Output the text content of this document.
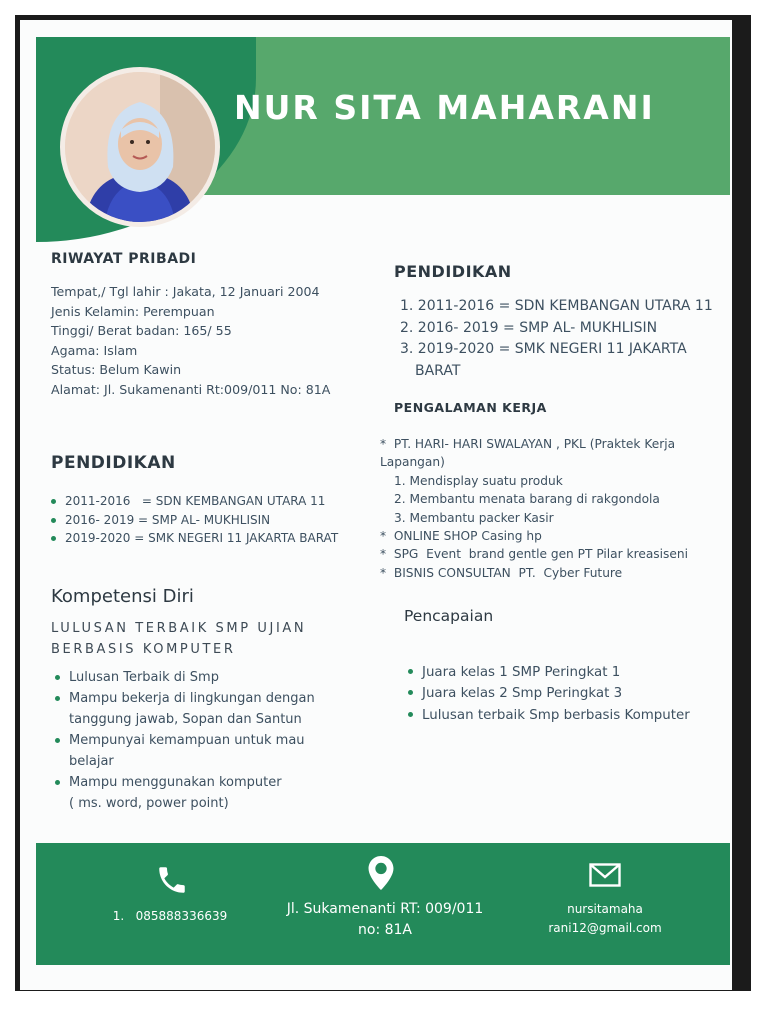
NUR SITA MAHARANI
RIWAYAT PRIBADI
Tempat,/ Tgl lahir : Jakata, 12 Januari 2004
Jenis Kelamin: Perempuan
Tinggi/ Berat badan: 165/ 55
Agama: Islam
Status: Belum Kawin
Alamat: Jl. Sukamenanti Rt:009/011 No: 81A
PENDIDIKAN
2011-2016   = SDN KEMBANGAN UTARA 11
2016- 2019 = SMP AL- MUKHLISIN
2019-2020 = SMK NEGERI 11 JAKARTA BARAT
Kompetensi Diri
LULUSAN TERBAIK SMP UJIAN
BERBASIS KOMPUTER
Lulusan Terbaik di Smp
Mampu bekerja di lingkungan dengan
tanggung jawab, Sopan dan Santun
Mempunyai kemampuan untuk mau
belajar
Mampu menggunakan komputer
( ms. word, power point)
PENDIDIKAN
1. 2011-2016 = SDN KEMBANGAN UTARA 11
2. 2016- 2019 = SMP AL- MUKHLISIN
3. 2019-2020 = SMK NEGERI 11 JAKARTA
BARAT
PENGALAMAN KERJA
*  PT. HARI- HARI SWALAYAN , PKL (Praktek Kerja
Lapangan)
1. Mendisplay suatu produk
2. Membantu menata barang di rakgondola
3. Membantu packer Kasir
*  ONLINE SHOP Casing hp
*  SPG  Event  brand gentle gen PT Pilar kreasiseni
*  BISNIS CONSULTAN  PT.  Cyber Future
Pencapaian
Juara kelas 1 SMP Peringkat 1
Juara kelas 2 Smp Peringkat 3
Lulusan terbaik Smp berbasis Komputer
1.   085888336639	Jl. Sukamenanti RT: 009/011
no: 81A
nursitamaha
rani12@gmail.com
